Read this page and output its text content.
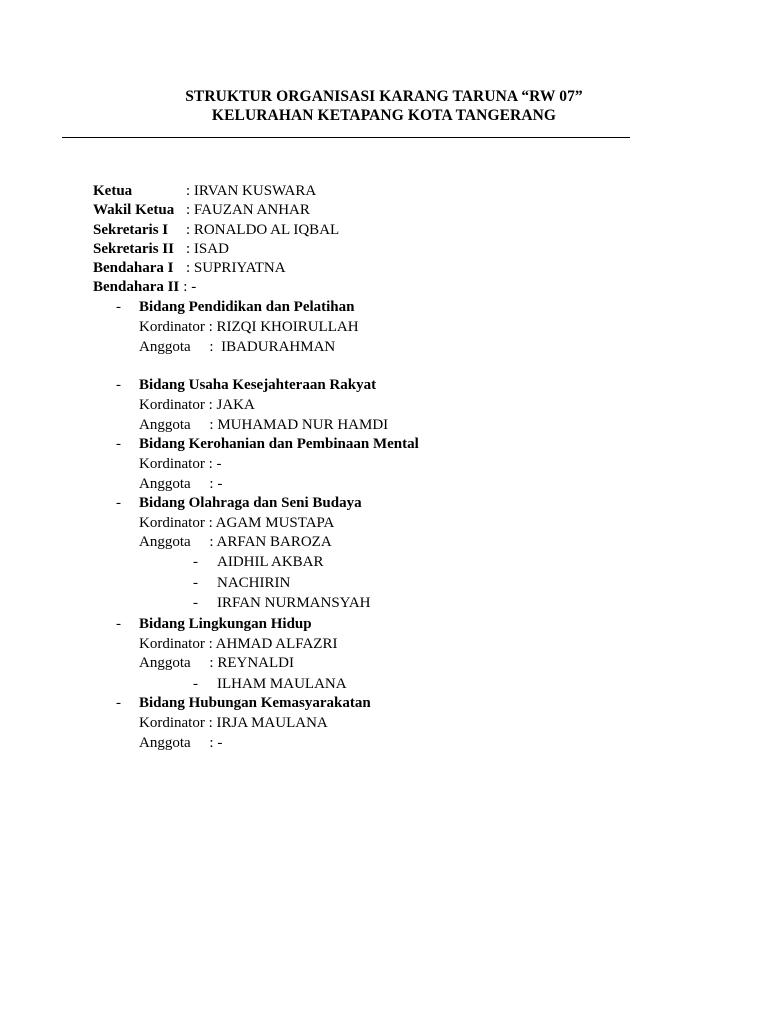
STRUKTUR ORGANISASI KARANG TARUNA “RW 07”
KELURAHAN KETAPANG KOTA TANGERANG
Ketua	: IRVAN KUSWARA
Wakil Ketua : FAUZAN ANHAR
Sekretaris I : RONALDO AL IQBAL
Sekretaris II : ISAD
Bendahara I : SUPRIYATNA
Bendahara II : -
- Bidang Pendidikan dan Pelatihan
Kordinator : RIZQI KHOIRULLAH
Anggota     :  IBADURAHMAN
- Bidang Usaha Kesejahteraan Rakyat
Kordinator : JAKA
Anggota     : MUHAMAD NUR HAMDI
- Bidang Kerohanian dan Pembinaan Mental
Kordinator : -
Anggota     : -
- Bidang Olahraga dan Seni Budaya
Kordinator : AGAM MUSTAPA
Anggota     : ARFAN BAROZA
- AIDHIL AKBAR
- NACHIRIN
- IRFAN NURMANSYAH
- Bidang Lingkungan Hidup
Kordinator : AHMAD ALFAZRI
Anggota     : REYNALDI
- ILHAM MAULANA
- Bidang Hubungan Kemasyarakatan
Kordinator : IRJA MAULANA
Anggota     : -
